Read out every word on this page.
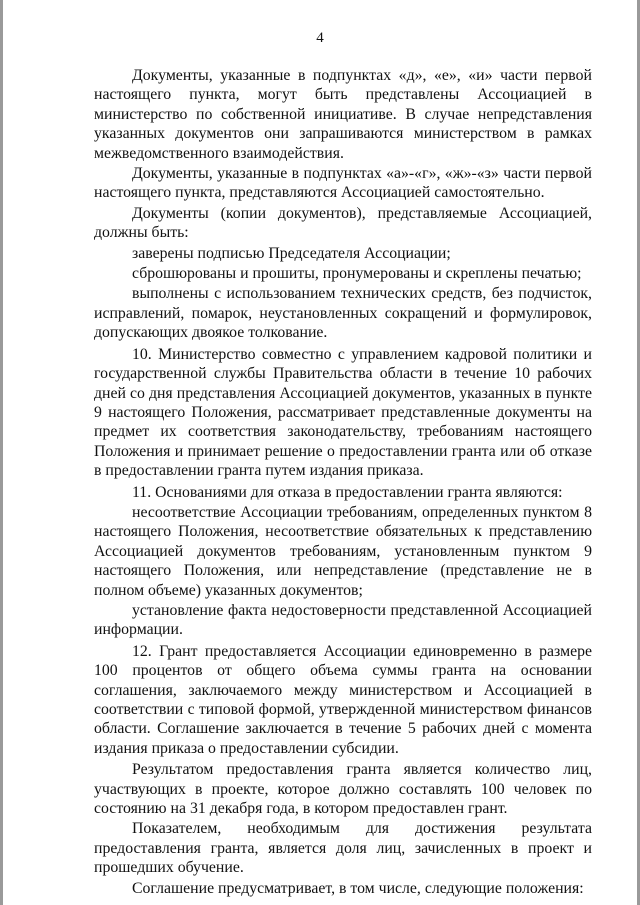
4

Документы, указанные в подпунктах «д», «е», «и» части первой настоящего пункта, могут быть представлены Ассоциацией в министерство по собственной инициативе. В случае непредставления указанных документов они запрашиваются министерством в рамках межведомственного взаимодействия.

Документы, указанные в подпунктах «а»-«г», «ж»-«з» части первой настоящего пункта, представляются Ассоциацией самостоятельно.

Документы (копии документов), представляемые Ассоциацией, должны быть:

заверены подписью Председателя Ассоциации;

сброшюрованы и прошиты, пронумерованы и скреплены печатью;

выполнены с использованием технических средств, без подчисток, исправлений, помарок, неустановленных сокращений и формулировок, допускающих двоякое толкование.

10. Министерство совместно с управлением кадровой политики и государственной службы Правительства области в течение 10 рабочих дней со дня представления Ассоциацией документов, указанных в пункте 9 настоящего Положения, рассматривает представленные документы на предмет их соответствия законодательству, требованиям настоящего Положения и принимает решение о предоставлении гранта или об отказе в предоставлении гранта путем издания приказа.

11. Основаниями для отказа в предоставлении гранта являются:

несоответствие Ассоциации требованиям, определенных пунктом 8 настоящего Положения, несоответствие обязательных к представлению Ассоциацией документов требованиям, установленным пунктом 9 настоящего Положения, или непредставление (представление не в полном объеме) указанных документов;

установление факта недостоверности представленной Ассоциацией информации.

12. Грант предоставляется Ассоциации единовременно в размере 100 процентов от общего объема суммы гранта на основании соглашения, заключаемого между министерством и Ассоциацией в соответствии с типовой формой, утвержденной министерством финансов области. Соглашение заключается в течение 5 рабочих дней с момента издания приказа о предоставлении субсидии.

Результатом предоставления гранта является количество лиц, участвующих в проекте, которое должно составлять 100 человек по состоянию на 31 декабря года, в котором предоставлен грант.

Показателем, необходимым для достижения результата предоставления гранта, является доля лиц, зачисленных в проект и прошедших обучение.

Соглашение предусматривает, в том числе, следующие положения:
